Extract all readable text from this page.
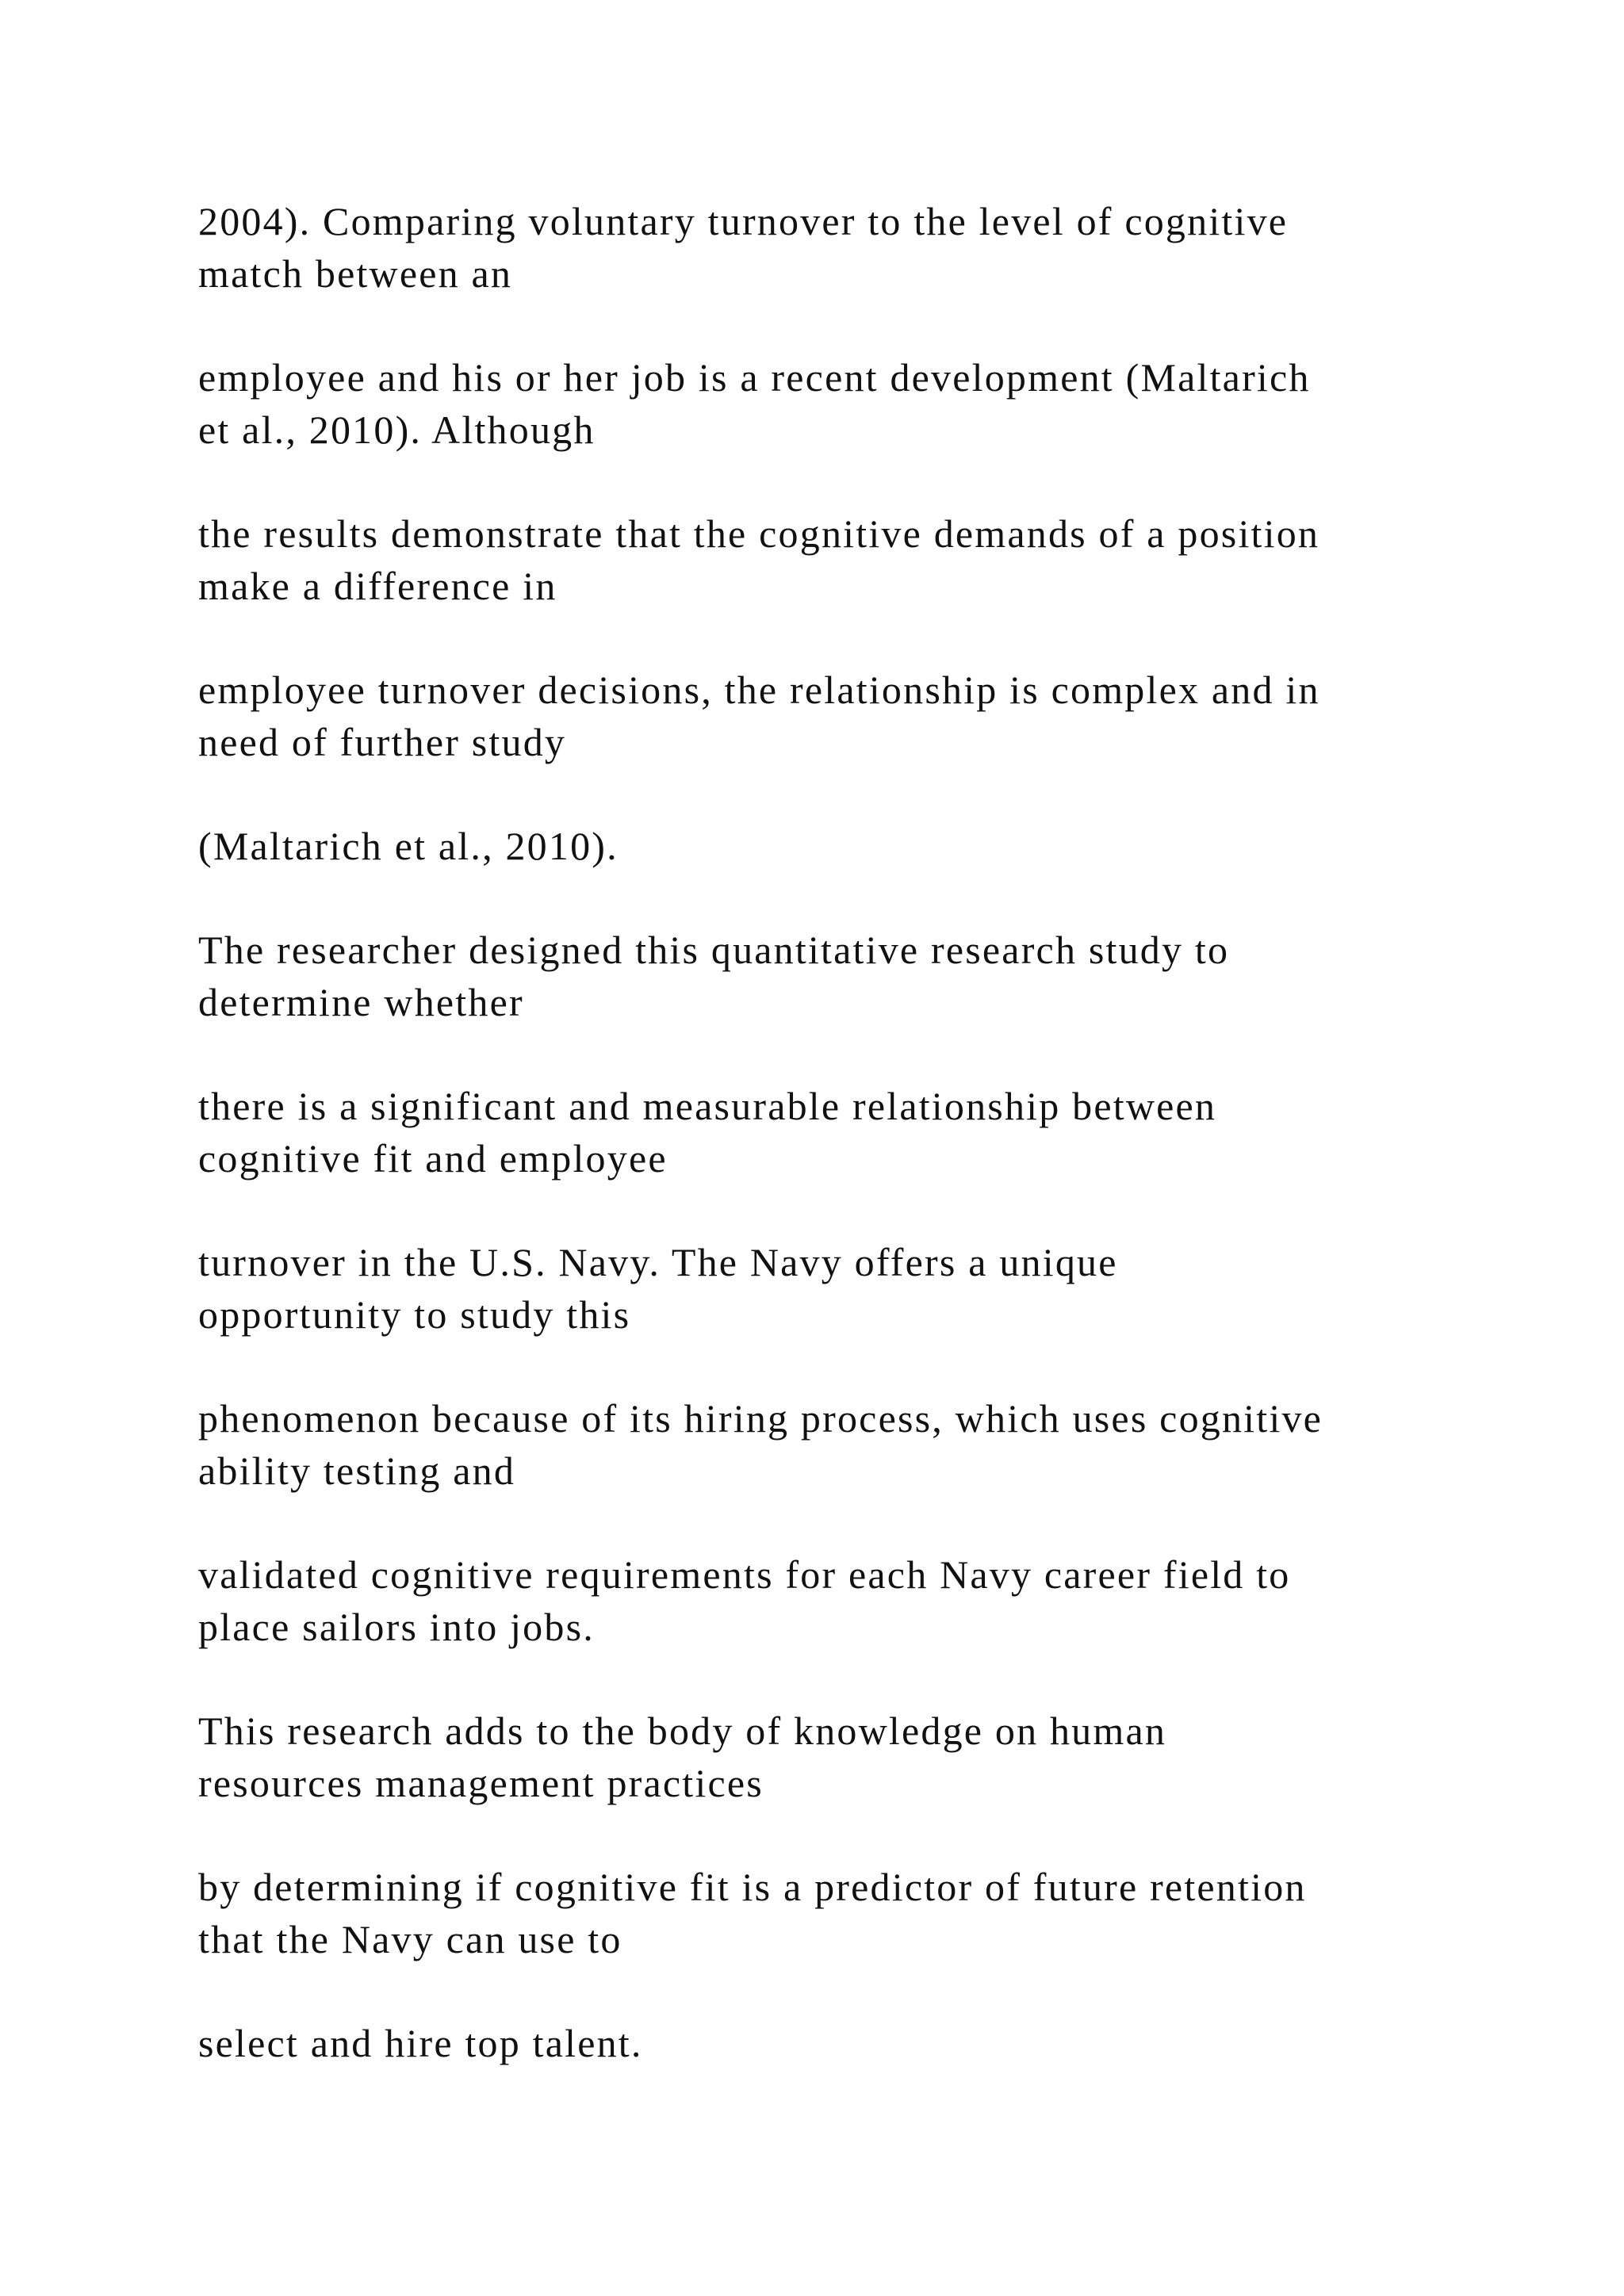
2004). Comparing voluntary turnover to the level of cognitive
match between an

employee and his or her job is a recent development (Maltarich
et al., 2010). Although

the results demonstrate that the cognitive demands of a position
make a difference in

employee turnover decisions, the relationship is complex and in
need of further study

(Maltarich et al., 2010).

The researcher designed this quantitative research study to
determine whether

there is a significant and measurable relationship between
cognitive fit and employee

turnover in the U.S. Navy. The Navy offers a unique
opportunity to study this

phenomenon because of its hiring process, which uses cognitive
ability testing and

validated cognitive requirements for each Navy career field to
place sailors into jobs.

This research adds to the body of knowledge on human
resources management practices

by determining if cognitive fit is a predictor of future retention
that the Navy can use to

select and hire top talent.
